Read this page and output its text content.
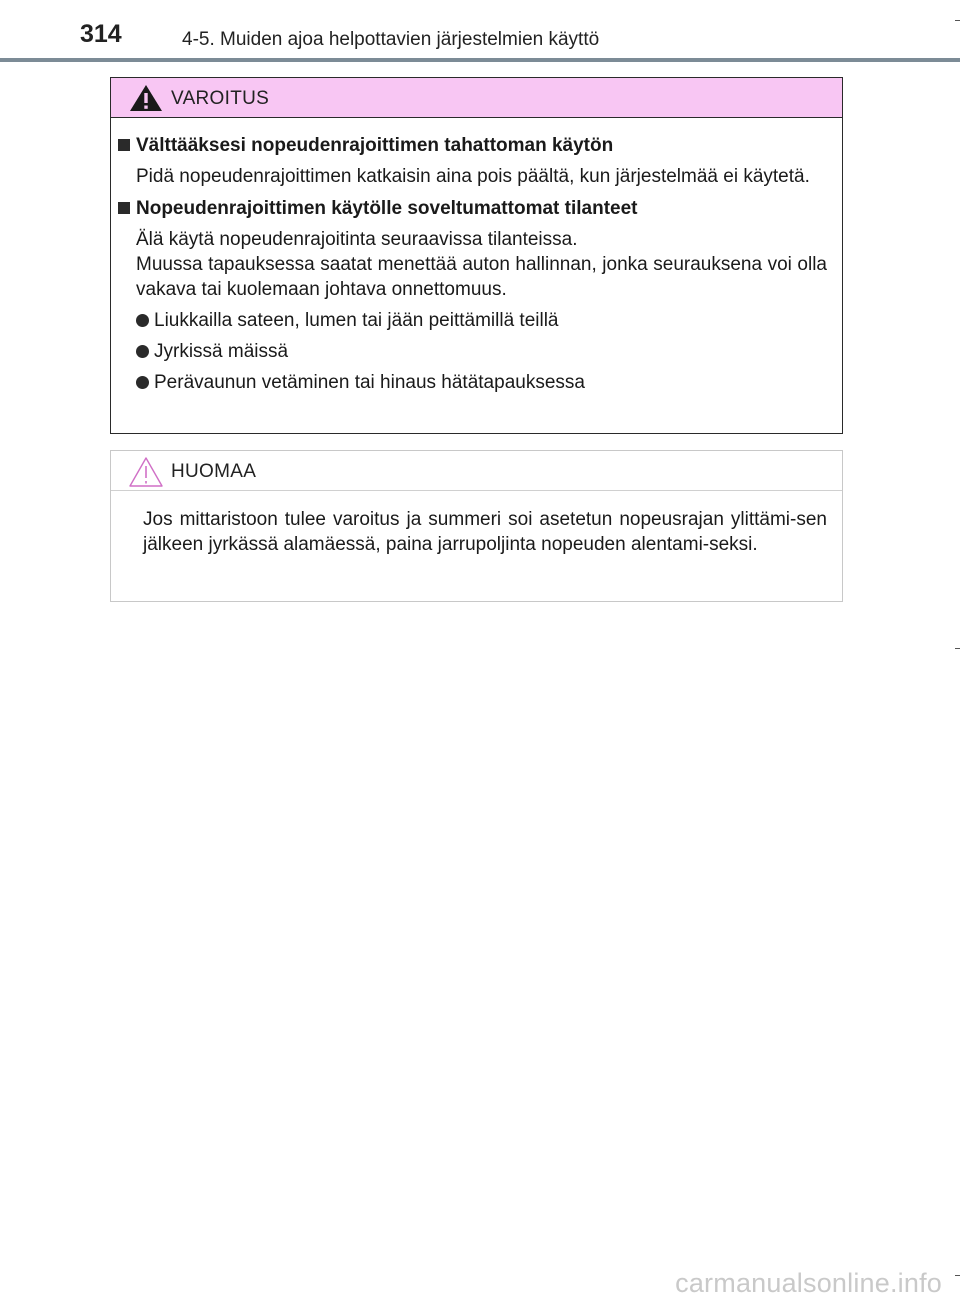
314	4-5. Muiden ajoa helpottavien järjestelmien käyttö
VAROITUS
Välttääksesi nopeudenrajoittimen tahattoman käytön
Pidä nopeudenrajoittimen katkaisin aina pois päältä, kun järjestelmää ei käytetä.
Nopeudenrajoittimen käytölle soveltumattomat tilanteet
Älä käytä nopeudenrajoitinta seuraavissa tilanteissa.
Muussa tapauksessa saatat menettää auton hallinnan, jonka seurauksena voi olla vakava tai kuolemaan johtava onnettomuus.
Liukkailla sateen, lumen tai jään peittämillä teillä
Jyrkissä mäissä
Perävaunun vetäminen tai hinaus hätätapauksessa
HUOMAA
Jos mittaristoon tulee varoitus ja summeri soi asetetun nopeusrajan ylittämi-sen jälkeen jyrkässä alamäessä, paina jarrupoljinta nopeuden alentami-seksi.
carmanualsonline.info
